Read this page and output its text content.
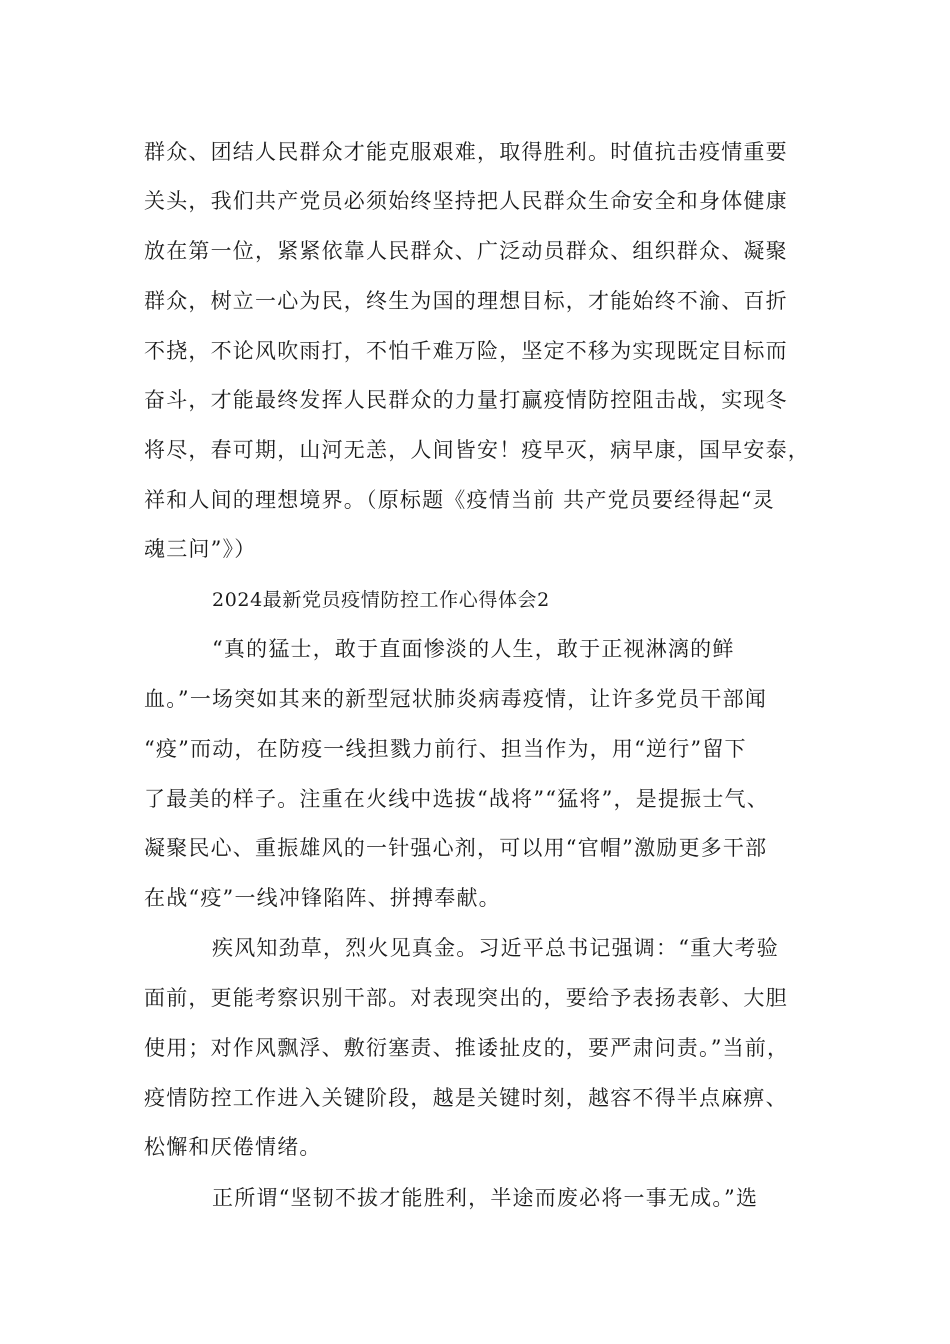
群众、团结人民群众才能克服艰难，取得胜利。时值抗击疫情重要
关头，我们共产党员必须始终坚持把人民群众生命安全和身体健康
放在第一位，紧紧依靠人民群众、广泛动员群众、组织群众、凝聚
群众，树立一心为民，终生为国的理想目标，才能始终不渝、百折
不挠，不论风吹雨打，不怕千难万险，坚定不移为实现既定目标而
奋斗，才能最终发挥人民群众的力量打赢疫情防控阻击战，实现冬
将尽，春可期，山河无恙，人间皆安！疫早灭，病早康，国早安泰，
祥和人间的理想境界。（原标题《疫情当前 共产党员要经得起“灵
魂三问”》）
2024最新党员疫情防控工作心得体会2
“真的猛士，敢于直面惨淡的人生，敢于正视淋漓的鲜
血。”一场突如其来的新型冠状肺炎病毒疫情，让许多党员干部闻
“疫”而动，在防疫一线担戮力前行、担当作为，用“逆行”留下
了最美的样子。注重在火线中选拔“战将”“猛将”，是提振士气、
凝聚民心、重振雄风的一针强心剂，可以用“官帽”激励更多干部
在战“疫”一线冲锋陷阵、拼搏奉献。
疾风知劲草，烈火见真金。习近平总书记强调：“重大考验
面前，更能考察识别干部。对表现突出的，要给予表扬表彰、大胆
使用；对作风飘浮、敷衍塞责、推诿扯皮的，要严肃问责。”当前，
疫情防控工作进入关键阶段，越是关键时刻，越容不得半点麻痹、
松懈和厌倦情绪。
正所谓“坚韧不拔才能胜利，半途而废必将一事无成。”选
